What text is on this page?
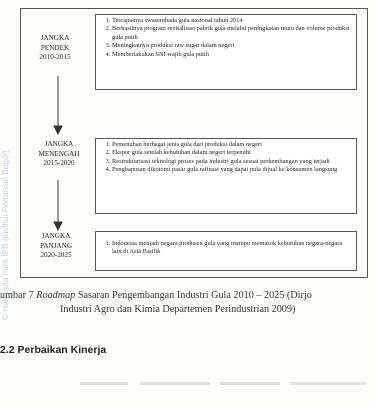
© Hak cipta milik IPB (Institut Pertanian Bogor)
JANGKA
PENDEK
2010-2015
1. Tercapainya swasembada gula nasional tahun 2014
2. Berhasilnya program revitalisasi pabrik gula melalui peningkatan mutu dan volume produksi gula putih
3. Meningkatnya produksi raw sugar dalam negeri
4. Memberlakukan SNI wajib gula putih
JANGKA
MENENGAH
2015-2020
1. Pemenuhan berbagai jenis gula dari produksi dalam negeri
2. Ekspor gula setelah kebutuhan dalam negeri terpenuhi
3. Restrukturisasi teknologi proses pada industri gula sesuai perkembangan yang terjadi
4. Penghapusan dikotomi pasar gula rafinasi yang dapat pula dijual ke konsumen langsung
JANGKA
PANJANG
2020-2025
1. Indonesia menjadi negara produsen gula yang mampu memasok kebutuhan negara-negara lain di Asia Pasifik
umbar 7 Roadmap Sasaran Pengembangan Industri Gula 2010 – 2025 (Dirjo
Industri Agro dan Kimia Departemen Perindustrian 2009)
2.2 Perbaikan Kinerja
